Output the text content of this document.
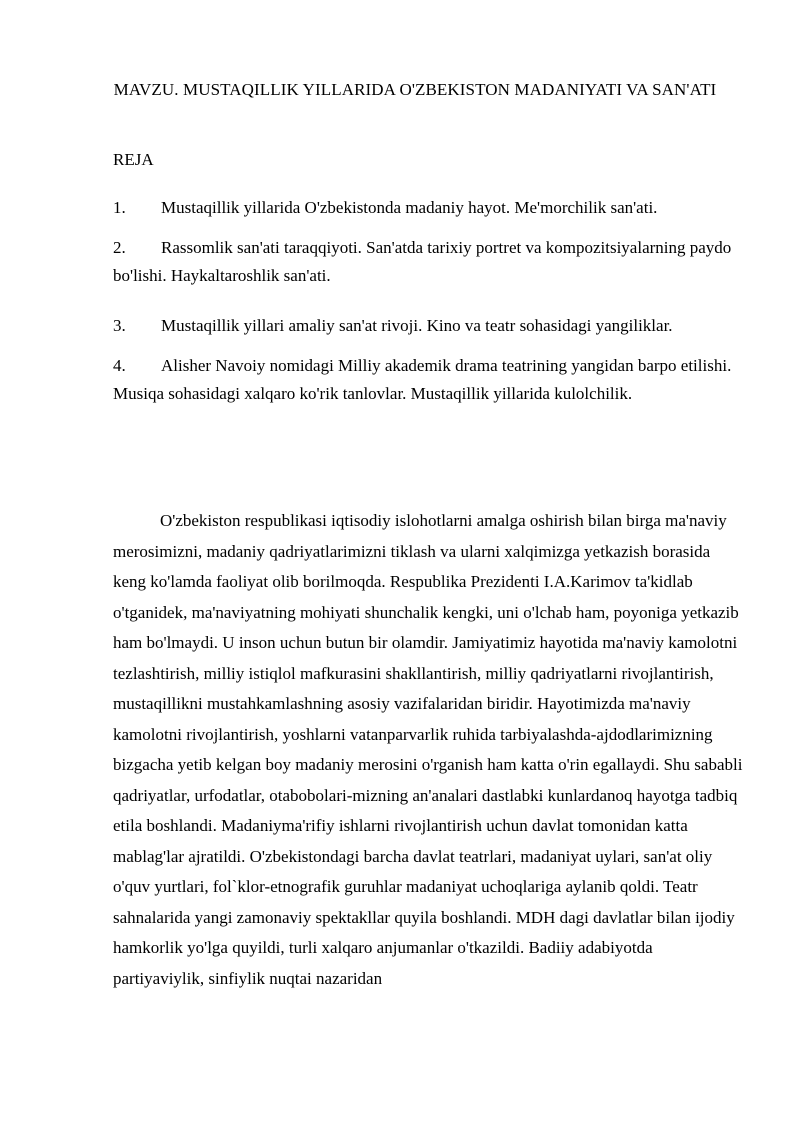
MAVZU. MUSTAQILLIK YILLARIDA O'ZBEKISTON MADANIYATI VA SAN'ATI
REJA
1. Mustaqillik yillarida O'zbekistonda madaniy hayot. Me'morchilik san'ati.
2. Rassomlik san'ati taraqqiyoti. San'atda tarixiy portret va kompozitsiyalarning paydo bo'lishi. Haykaltaroshlik san'ati.
3. Mustaqillik yillari amaliy san'at rivoji. Kino va teatr sohasidagi yangiliklar.
4. Alisher Navoiy nomidagi Milliy akademik drama teatrining yangidan barpo etilishi. Musiqa sohasidagi xalqaro ko'rik tanlovlar. Mustaqillik yillarida kulolchilik.

O'zbekiston respublikasi iqtisodiy islohotlarni amalga oshirish bilan birga ma'naviy merosimizni, madaniy qadriyatlarimizni tiklash va ularni xalqimizga yetkazish borasida keng ko'lamda faoliyat olib borilmoqda. Respublika Prezidenti I.A.Karimov ta'kidlab o'tganidek, ma'naviyatning mohiyati shunchalik kengki, uni o'lchab ham, poyoniga yetkazib ham bo'lmaydi. U inson uchun butun bir olamdir. Jamiyatimiz hayotida ma'naviy kamolotni tezlashtirish, milliy istiqlol mafkurasini shakllantirish, milliy qadriyatlarni rivojlantirish, mustaqillikni mustahkamlashning asosiy vazifalaridan biridir. Hayotimizda ma'naviy kamolotni rivojlantirish, yoshlarni vatanparvarlik ruhida tarbiyalashda-ajdodlarimizning bizgacha yetib kelgan boy madaniy merosini o'rganish ham katta o'rin egallaydi. Shu sababli qadriyatlar, urfodatlar, otabobolari-mizning an'analari dastlabki kunlardanoq hayotga tadbiq etila boshlandi. Madaniyma'rifiy ishlarni rivojlantirish uchun davlat tomonidan katta mablag'lar ajratildi. O'zbekistondagi barcha davlat teatrlari, madaniyat uylari, san'at oliy o'quv yurtlari, fol`klor-etnografik guruhlar madaniyat uchoqlariga aylanib qoldi. Teatr sahnalarida yangi zamonaviy spektakllar quyila boshlandi. MDH dagi davlatlar bilan ijodiy hamkorlik yo'lga quyildi, turli xalqaro anjumanlar o'tkazildi. Badiiy adabiyotda partiyaviylik, sinfiylik nuqtai nazaridan
